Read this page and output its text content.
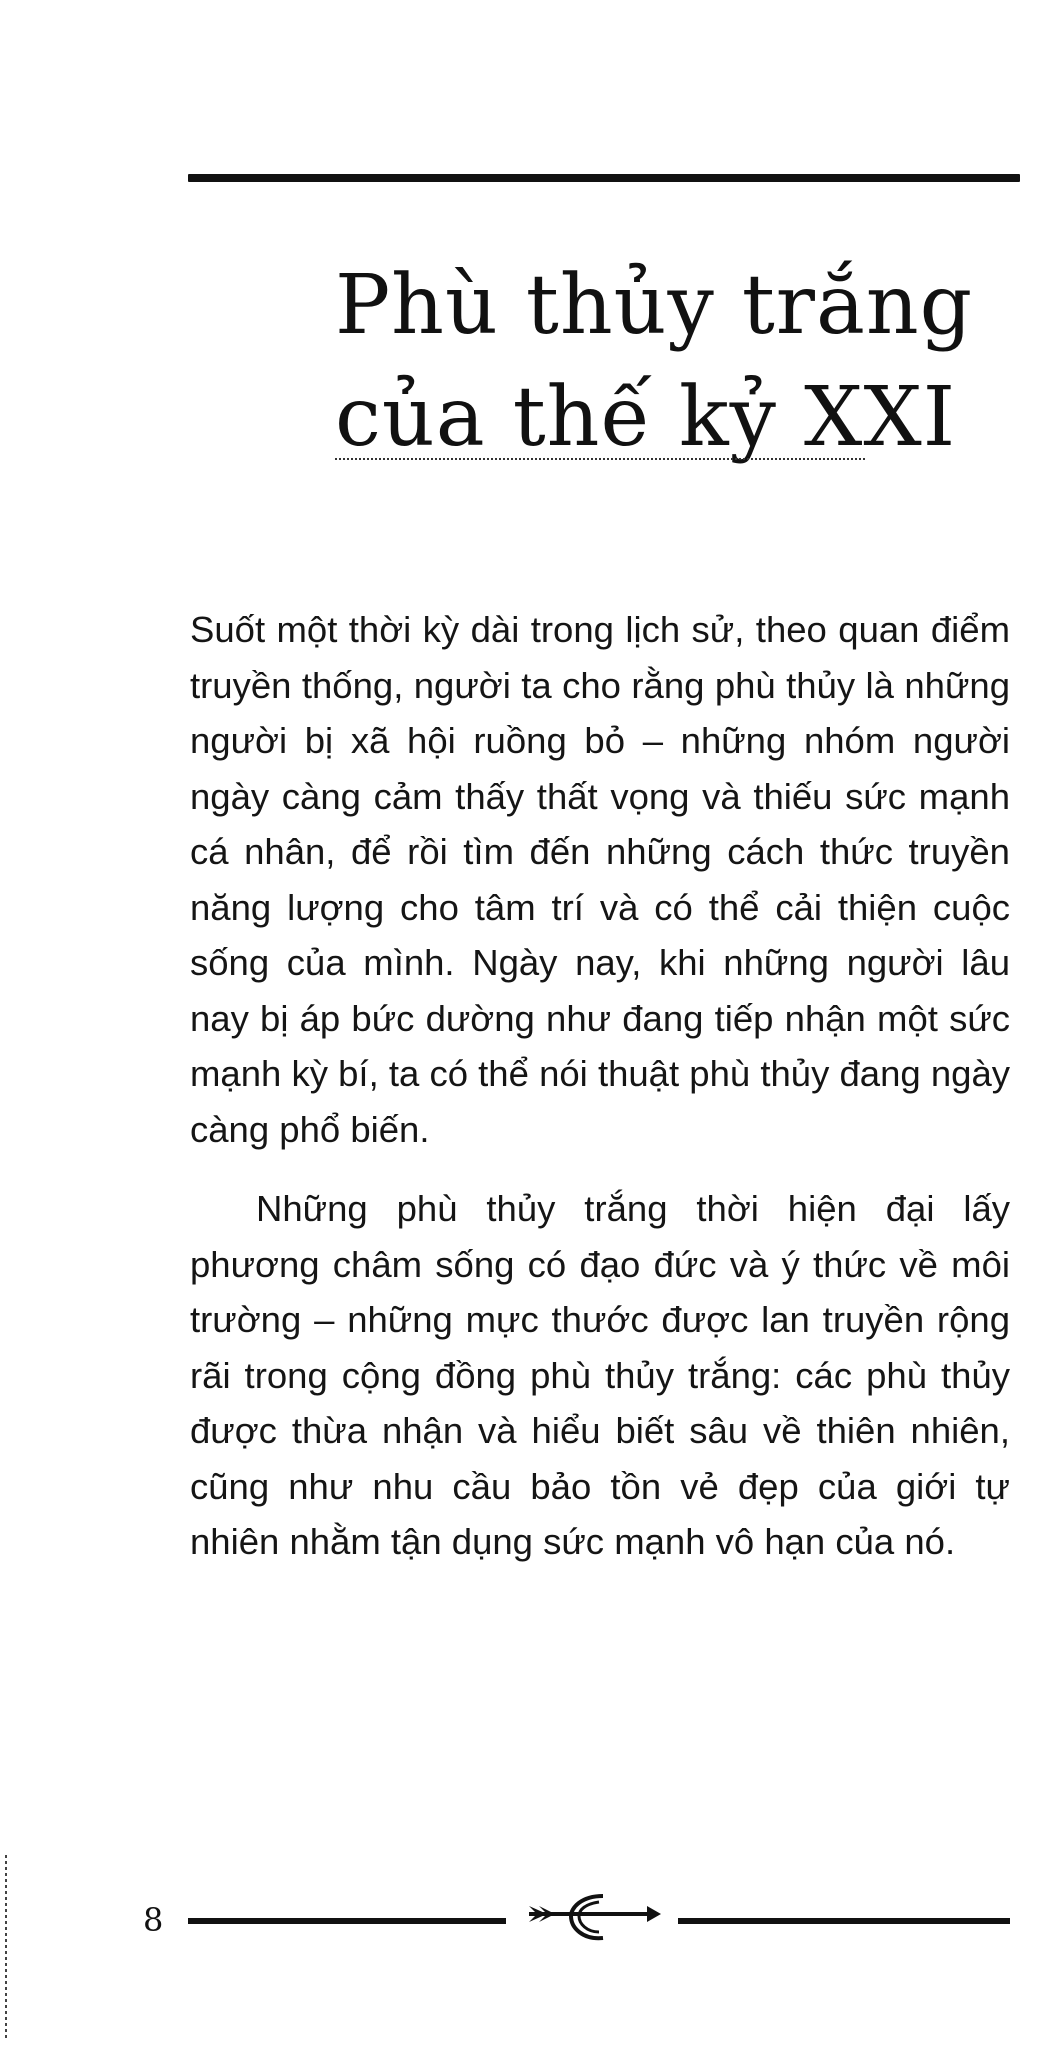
Phù thủy trắng
của thế kỷ XXI

Suốt một thời kỳ dài trong lịch sử, theo quan điểm truyền thống, người ta cho rằng phù thủy là những người bị xã hội ruồng bỏ – những nhóm người ngày càng cảm thấy thất vọng và thiếu sức mạnh cá nhân, để rồi tìm đến những cách thức truyền năng lượng cho tâm trí và có thể cải thiện cuộc sống của mình. Ngày nay, khi những người lâu nay bị áp bức dường như đang tiếp nhận một sức mạnh kỳ bí, ta có thể nói thuật phù thủy đang ngày càng phổ biến.

Những phù thủy trắng thời hiện đại lấy phương châm sống có đạo đức và ý thức về môi trường – những mực thước được lan truyền rộng rãi trong cộng đồng phù thủy trắng: các phù thủy được thừa nhận và hiểu biết sâu về thiên nhiên, cũng như nhu cầu bảo tồn vẻ đẹp của giới tự nhiên nhằm tận dụng sức mạnh vô hạn của nó.

8
